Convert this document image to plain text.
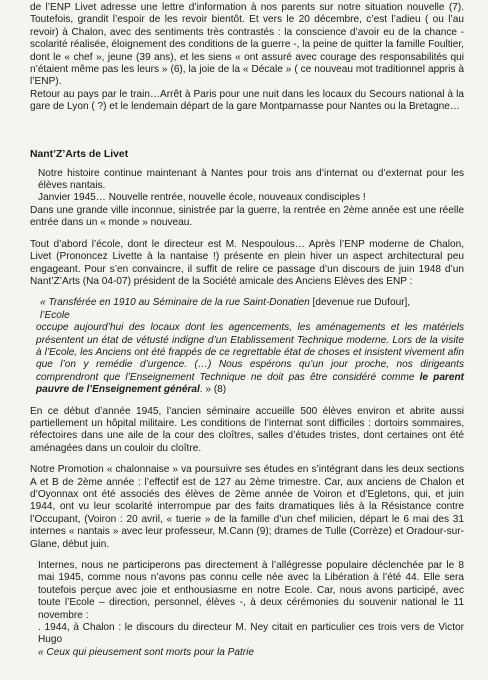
de l’ENP Livet adresse une lettre d’information à nos parents sur notre situation nouvelle (7). Toutefois, grandit l’espoir de les revoir bientôt. Et vers le 20 décembre, c’est l’adieu ( ou l’au revoir) à Chalon, avec des sentiments très contrastés : la conscience d’avoir eu de la chance - scolarité réalisée, éloignement des conditions de la guerre -, la peine de quitter la famille Foultier, dont le « chef », jeune (39 ans), et les siens « ont assuré avec courage des responsabilités qui n’étaient même pas les leurs » (6), la joie de la « Décale » ( ce nouveau mot traditionnel appris à l’ENP).

Retour au pays par le train…Arrêt à Paris pour une nuit dans les locaux du Secours national à la gare de Lyon ( ?) et le lendemain départ de la gare Montparnasse pour Nantes ou la Bretagne…

Nant’Z’Arts de Livet

Notre histoire continue maintenant à Nantes pour trois ans d’internat ou d’externat pour les élèves nantais.

Janvier 1945… Nouvelle rentrée, nouvelle école, nouveaux condisciples !

Dans une grande ville inconnue, sinistrée par la guerre, la rentrée en 2ème année est une réelle entrée dans un « monde » nouveau.

Tout d’abord l’école, dont le directeur est M. Nespoulous… Après l’ENP moderne de Chalon, Livet (Prononcez Livette à la nantaise !) présente en plein hiver un aspect architectural peu engageant. Pour s’en convaincre, il suffit de relire ce passage d’un discours de juin 1948 d’un Nant’Z’Arts (Na 04-07) président de la Société amicale des Anciens Elèves des ENP :

« Transférée en 1910 au Séminaire de la rue Saint-Donatien [devenue rue Dufour],
l’Ecole

occupe aujourd’hui des locaux dont les agencements, les aménagements et les matériels présentent un état de vétusté indigne d’un Etablissement Technique moderne. Lors de la visite à l’Ecole, les Anciens ont été frappés de ce regrettable état de choses et insistent vivement afin que l’on y remédie d’urgence. (…) Nous espérons qu’un jour proche, nos dirigeants comprendront que l’Enseignement Technique ne doit pas être considéré comme le parent pauvre de l’Enseignement général. » (8)

En ce début d’année 1945, l’ancien séminaire accueille 500 élèves environ et abrite aussi partiellement un hôpital militaire. Les conditions de l’internat sont difficiles : dortoirs sommaires, réfectoires dans une aile de la cour des cloîtres, salles d’études tristes, dont certaines ont été aménagées dans un couloir du cloître.

Notre Promotion « chalonnaise » va poursuivre ses études en s’intégrant dans les deux sections A et B de 2ème année : l’effectif est de 127 au 2ème trimestre. Car, aux anciens de Chalon et d’Oyonnax ont été associés des élèves de 2ème année de Voiron et d’Egletons, qui, et juin 1944, ont vu leur scolarité interrompue par des faits dramatiques liés à la Résistance contre l’Occupant, (Voiron : 20 avril, « tuerie » de la famille d’un chef milicien, départ le 6 mai des 31 internes « nantais » avec leur professeur, M.Cann (9); drames de Tulle (Corrèze) et Oradour-sur-Glane, début juin.

Internes, nous ne participerons pas directement à l’allégresse populaire déclenchée par le 8 mai 1945, comme nous n’avons pas connu celle née avec la Libération à l’été 44. Elle sera toutefois perçue avec joie et enthousiasme en notre Ecole. Car, nous avons participé, avec toute l’Ecole – direction, personnel, élèves -, à deux cérémonies du souvenir national le 11 novembre :

. 1944, à Chalon : le discours du directeur M. Ney citait en particulier ces trois vers de Victor Hugo

« Ceux qui pieusement sont morts pour la Patrie
